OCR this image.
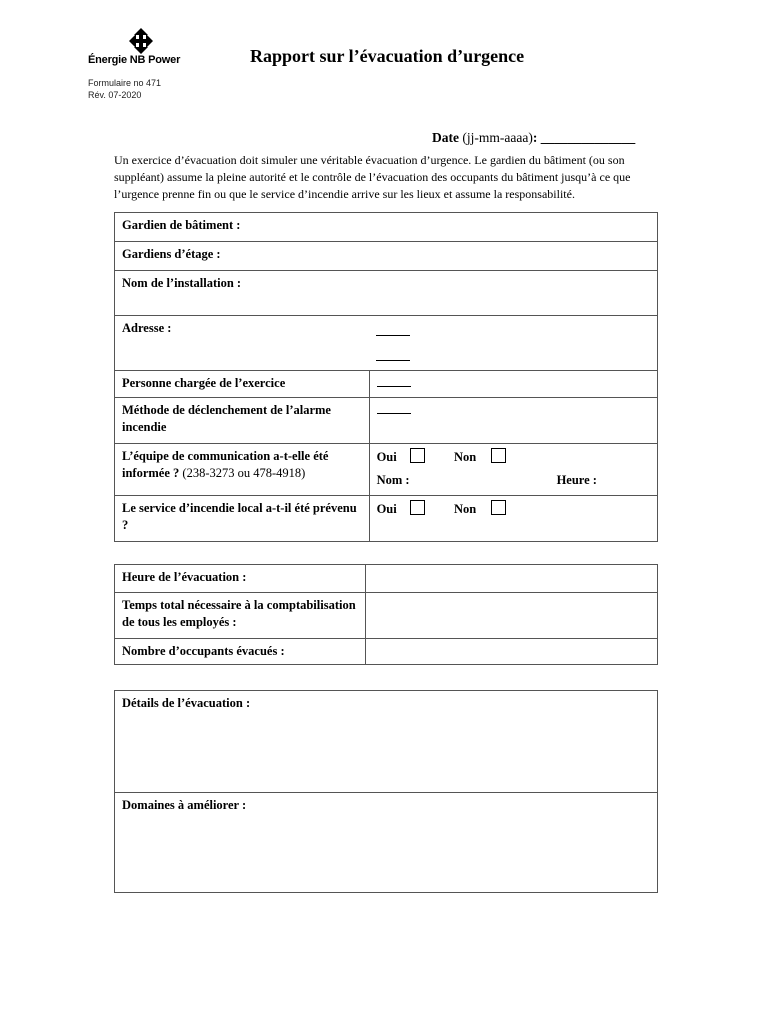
Énergie NB Power	Rapport sur l’évacuation d’urgence
Formulaire no 471
Rév. 07-2020
Date (jj-mm-aaaa): ______________
Un exercice d’évacuation doit simuler une véritable évacuation d’urgence. Le gardien du bâtiment (ou son suppléant) assume la pleine autorité et le contrôle de l’évacuation des occupants du bâtiment jusqu’à ce que l’urgence prenne fin ou que le service d’incendie arrive sur les lieux et assume la responsabilité.
Gardien de bâtiment :	
Gardiens d’étage :	
Nom de l’installation :	
Adresse :	

Personne chargée de l’exercice	
Méthode de déclenchement de l’alarme incendie	
L’équipe de communication a-t-elle été informée ? (238-3273 ou 478-4918)	Oui Non
Nom : Heure :

Le service d’incendie local a-t-il été prévenu ?	Oui Non
Heure de l’évacuation :	
Temps total nécessaire à la comptabilisation de tous les employés :	
Nombre d’occupants évacués :	
Détails de l’évacuation :
Domaines à améliorer :
